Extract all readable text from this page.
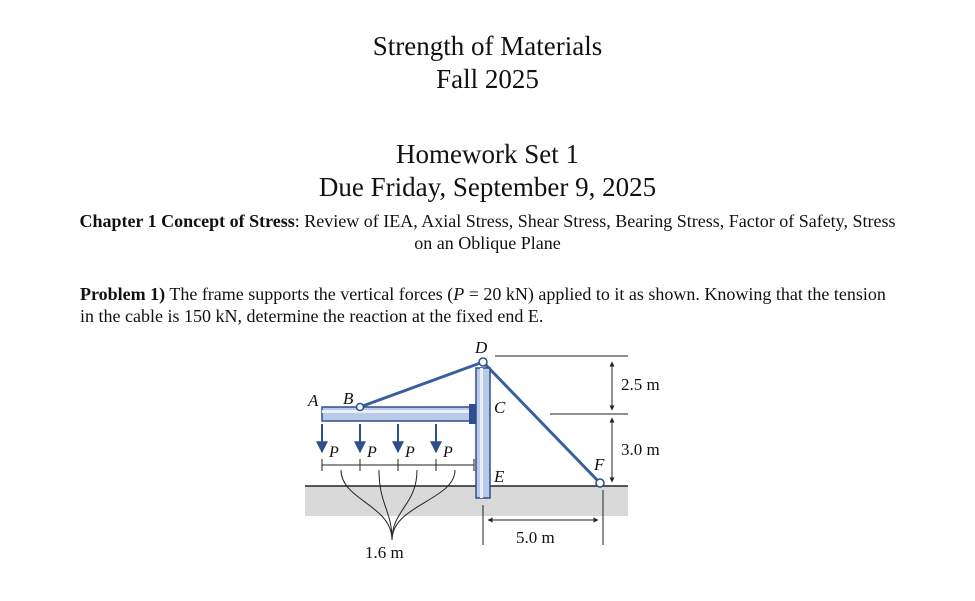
Strength of Materials
Fall 2025
Homework Set 1
Due Friday, September 9, 2025
Chapter 1 Concept of Stress: Review of IEA, Axial Stress, Shear Stress, Bearing Stress, Factor of Safety, Stress on an Oblique Plane
Problem 1) The frame supports the vertical forces (P = 20 kN) applied to it as shown. Knowing that the tension in the cable is 150 kN, determine the reaction at the fixed end E.
P P P P
1.6 m
2.5 m
3.0 m
5.0 m
A B	C
D
E
F
